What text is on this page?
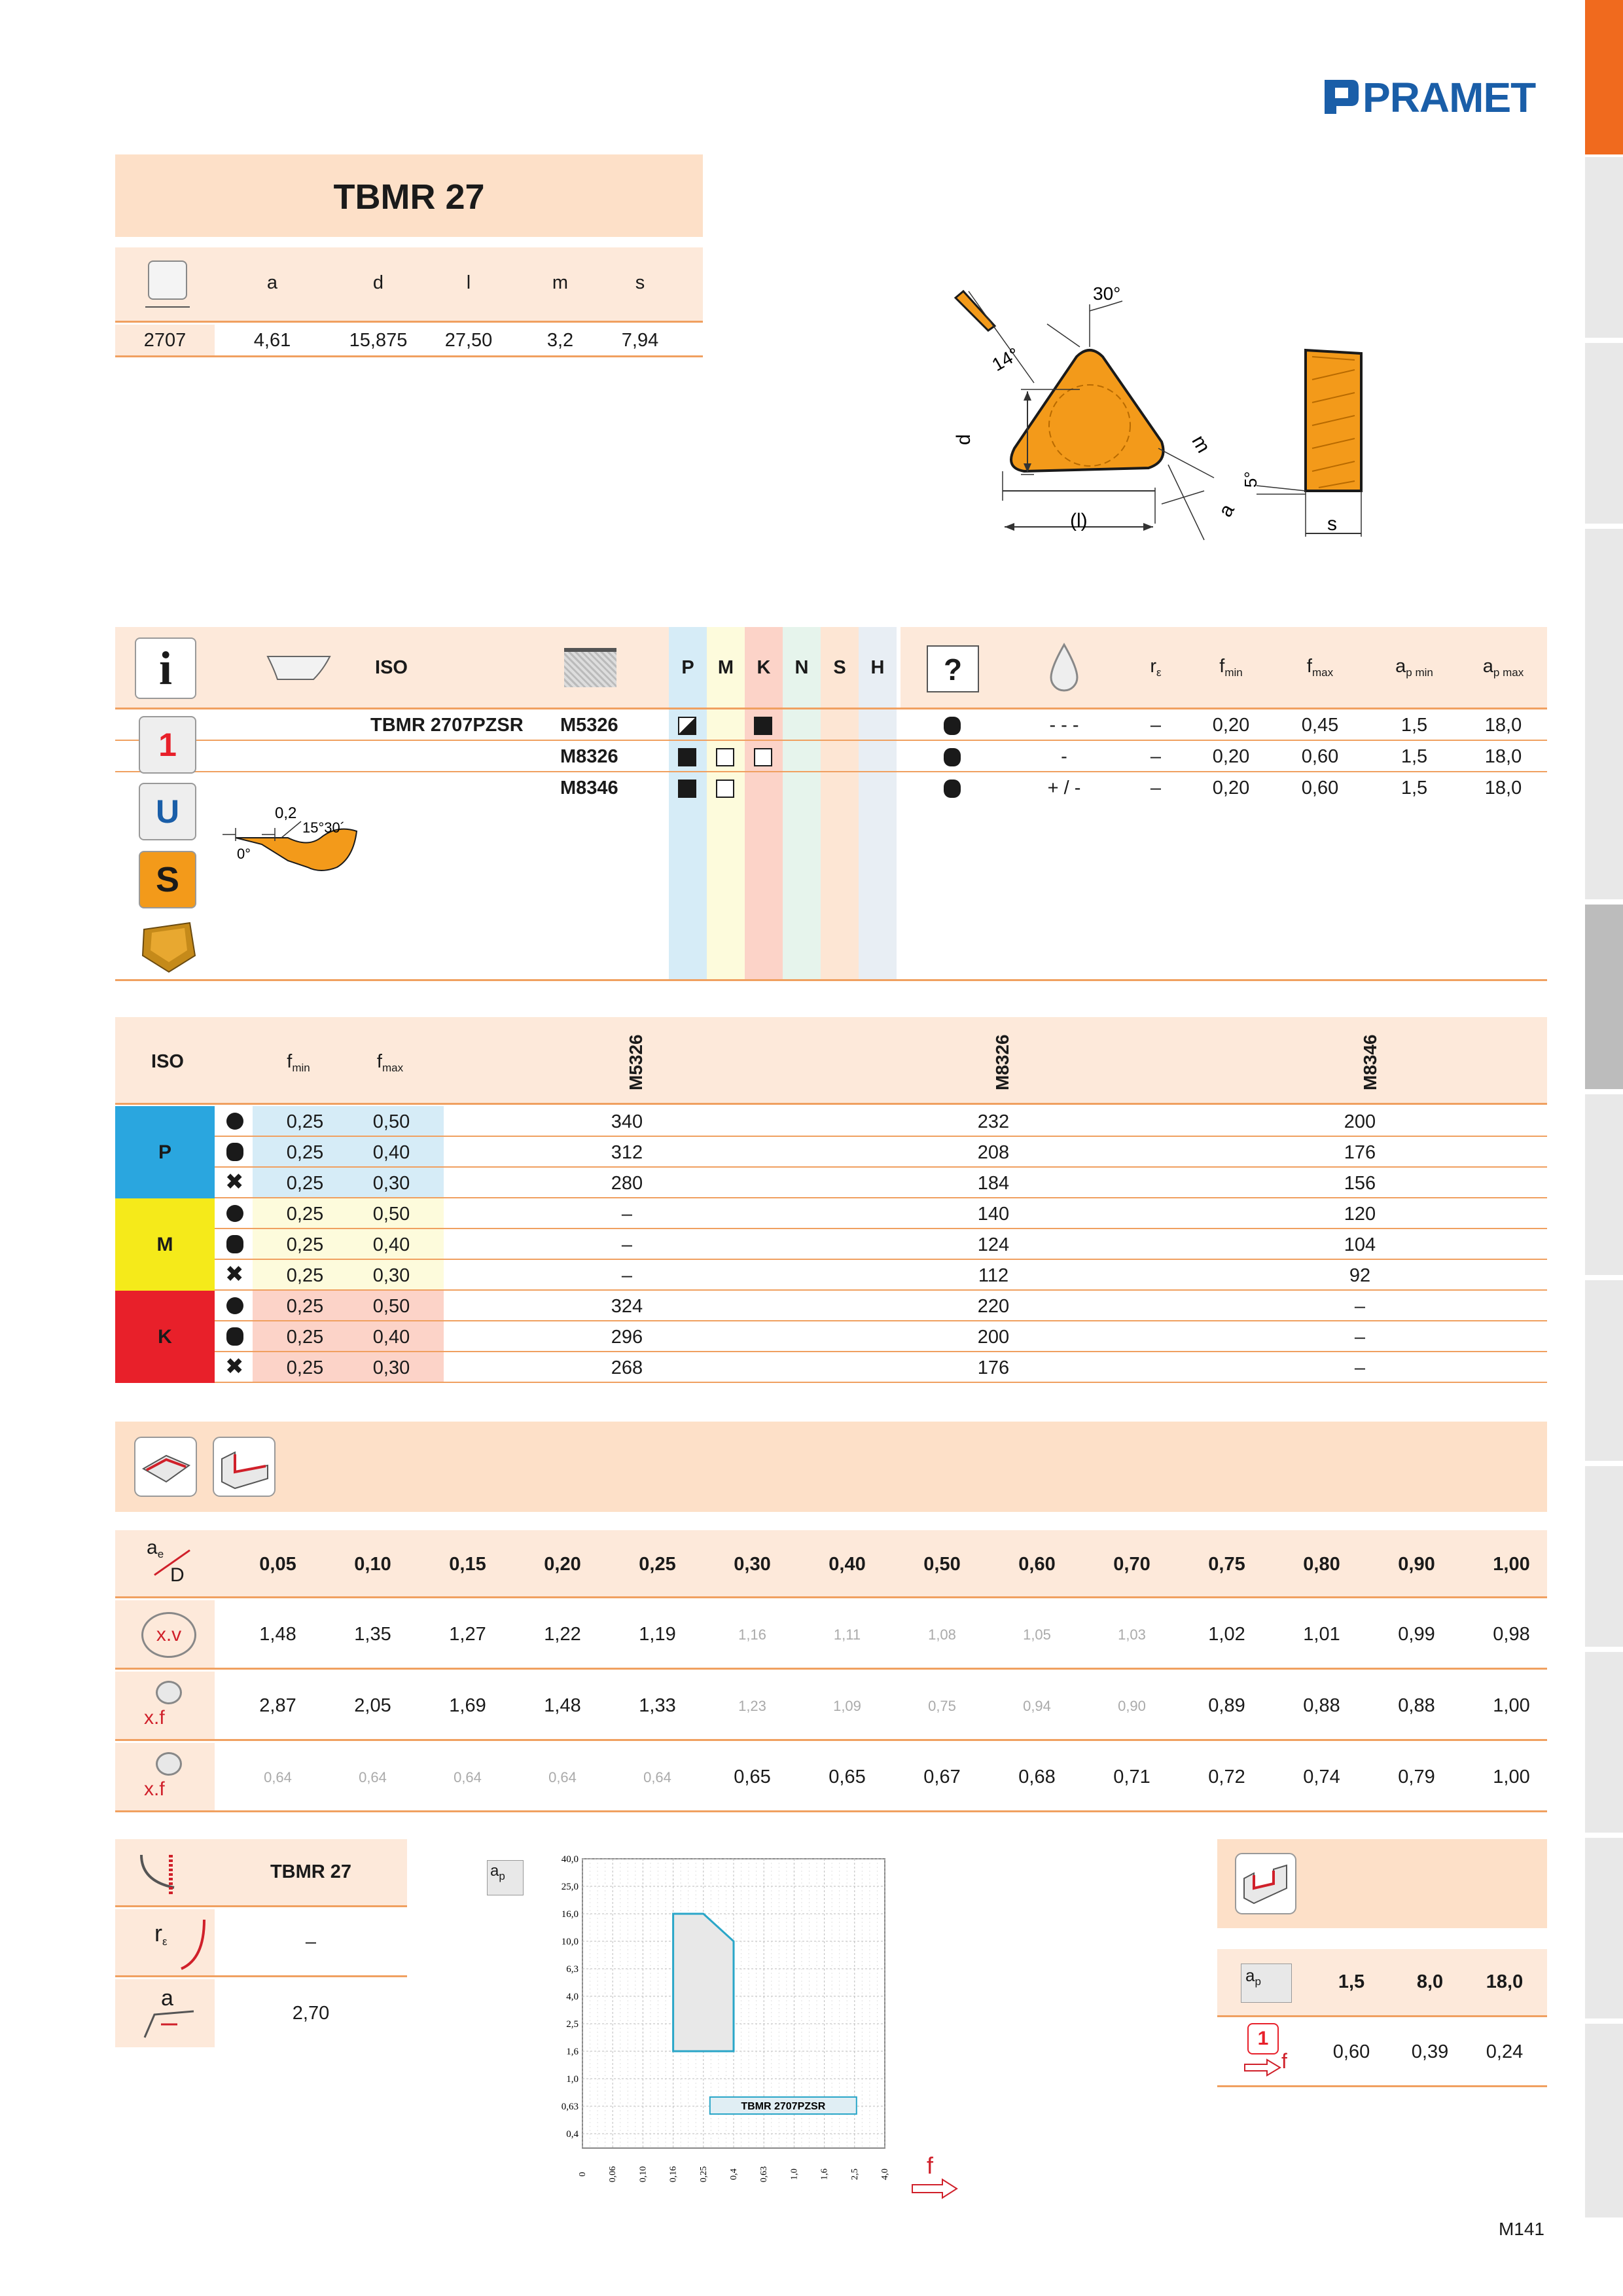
PRAMET
TBMR 27
a	d	l	m	s
2707	4,61	15,875	27,50	3,2	7,94
30°
14°
d	m
a
(l)
5°
s
i	ISO	P	M	K	N	S	H	?	$r_\varepsilon$	$f_{min}$	$f_{max}$	$a_{p min}$	$a_{p max}$
TBMR 2707PZSR M5326	- - -	–	0,20	0,45	1,5	18,0
M8326	-	–	0,20	0,60	1,5	18,0
M8346	+ / -	–	0,20	0,60	1,5	18,0
1
U
S
0,2
15°30´
0°
ISO	$f_{min}$	$f_{max}$	M5326	M8326	M8346
P
0,25	0,50	340	232	200
0,25	0,40	312	208	176
✖	0,25	0,30	280	184	156
M
0,25	0,50	–	140	120
0,25	0,40	–	124	104
✖	0,25	0,30	–	112	92
K
0,25	0,50	324	220	–
0,25	0,40	296	200	–
✖	0,25	0,30	268	176	–
$a_e$
D	0,05	0,10	0,15	0,20	0,25	0,30	0,40	0,50	0,60	0,70	0,75	0,80	0,90	1,00
x.v	1,48	1,35	1,27	1,22	1,19	1,16	1,11	1,08	1,05	1,03	1,02	1,01	0,99	0,98
x.f
2,87	2,05	1,69	1,48	1,33	1,23	1,09	0,75	0,94	0,90	0,89	0,88	0,88	1,00
x.f
0,64	0,64	0,64	0,64	0,64	0,65	0,65	0,67	0,68	0,71	0,72	0,74	0,79	1,00
TBMR 27
$r_\varepsilon$	–
a
2,70
$a_p$
0 0,06 0,10 0,16 0,25 0,4 0,63 1,0 1,6 2,5 4,0
0,4
0,63
1,0
1,6
2,5
4,0
6,3
10,0
16,0
25,0
40,0
TBMR 2707PZSR
f
$a_p$	1,5	8,0	18,0
1
f	0,60	0,39	0,24
M141
